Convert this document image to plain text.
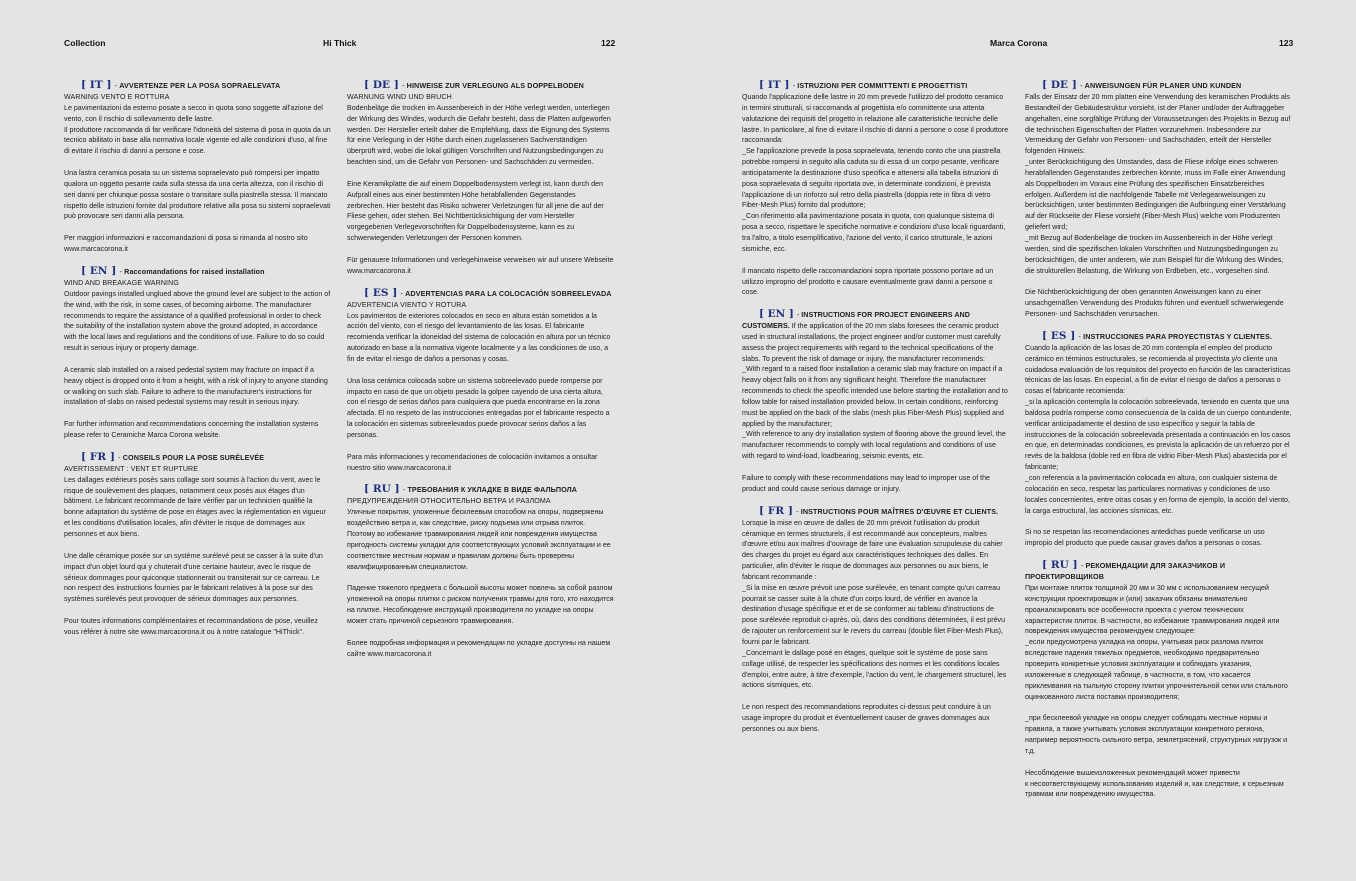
Collection	Hi Thick	122	Marca Corona	123
[ IT ] - AVVERTENZE PER LA POSA SOPRAELEVATA
WARNING VENTO E ROTTURA

Le pavimentazioni da esterno posate a secco in quota sono soggette all'azione del vento, con il rischio di sollevamento delle lastre.
Il produttore raccomanda di far verificare l'idoneità del sistema di posa in quota da un tecnico abilitato in base alla normativa locale vigente ed alle condizioni d'uso, al fine di evitare il rischio di danni a persone e cose.

Una lastra ceramica posata su un sistema sopraelevato può rompersi per impatto qualora un oggetto pesante cada sulla stessa da una certa altezza, con il rischio di seri danni per chiunque possa sostare o transitare sulla piastrella stessa. Il mancato rispetto delle istruzioni fornite dal produttore relative alla posa su sistemi sopraelevati può provocare seri danni alla persona.

Per maggiori informazioni e raccomandazioni di posa si rimanda al nostro sito www.marcacorona.it

[ EN ] - Raccomandations for raised installation
WIND AND BREAKAGE WARNING

Outdoor pavings installed unglued above the ground level are subject to the action of the wind, with the risk, in some cases, of becoming airborne. The manufacturer recommends to require the assistance of a qualified professional in order to check the suitability of the installation system above the ground adopted, in accordance with the local laws and regulations and the conditions of use. Failure to do so could result in serious injury or property damage.

A ceramic slab installed on a raised pedestal system may fracture on impact if a heavy object is dropped onto it from a height, with a risk of injury to anyone standing or walking on such slab. Failure to adhere to the manufacturer's instructions for installation of slabs on raised pedestal systems may result in serious injury.

For further information and recommendations concerning the installation systems please refer to Ceramiche Marca Corona website.

[ FR ] - CONSEILS POUR LA POSE SURÉLEVÉE
AVERTISSEMENT : VENT ET RUPTURE

Les dallages extérieurs posés sans collage sont soumis à l'action du vent, avec le risque de soulèvement des plaques, notamment ceux posés aux étages d'un bâtiment. Le fabricant recommande de faire vérifier par un technicien qualifié la bonne adaptation du système de pose en étages avec la réglementation en vigueur et les conditions d'utilisation locales, afin d'éviter le risque de dommages aux personnes et aux biens.

Une dalle céramique posée sur un système surélevé peut se casser à la suite d'un impact d'un objet lourd qui y chuterait d'une certaine hauteur, avec le risque de sérieux dommages pour quiconque stationnerait ou transiterait sur ce carreau. Le non respect des instructions fournies par le fabricant relatives à la pose sur des systèmes surélevés peut provoquer de sérieux dommages aux personnes.

Pour toutes informations complémentaires et recommandations de pose, veuillez vous référer à notre site www.marcacorona.it ou à notre catalogue "HiThick".

[ DE ] - HINWEISE ZUR VERLEGUNG ALS DOPPELBODEN
WARNUNG WIND UND BRUCH

Bodenbeläge die trocken im Aussenbereich in der Höhe verlegt werden, unterliegen der Wirkung des Windes, wodurch die Gefahr besteht, dass die Platten aufgeworfen werden. Der Hersteller erteilt daher die Empfehlung, dass die Eignung des Systems für eine Verlegung in der Höhe durch einen zugelassenen Sachverständigen überprüft wird, wobei die lokal gültigen Vorschriften und Nutzungsbedingungen zu beachten sind, um die Gefahr von Personen- und Sachschäden zu vermeiden.

Eine Keramikplatte die auf einem Doppelbodensystem verlegt ist, kann durch den Aufprall eines aus einer bestimmten Höhe herabfallenden Gegenstandes
zerbrechen. Hier besteht das Risiko schwerer Verletzungen für all jene die auf der Fliese gehen, oder stehen. Bei Nichtberücksichtigung der vom Hersteller vorgegebenen Verlegevorschriften für Doppelbodensysteme, kann es zu schwerwiegenden Verletzungen der Personen kommen.

Für genauere Informationen und verlegehinweise verweisen wir auf unsere Webseite www.marcacorona.it

[ ES ] - ADVERTENCIAS PARA LA COLOCACIÓN SOBREELEVADA
ADVERTENCIA VIENTO Y ROTURA

Los pavimentos de exteriores colocados en seco en altura están sometidos a la acción del viento, con el riesgo del levantamiento de las losas. El fabricante recomienda verificar la idoneidad del sistema de colocación en altura por un técnico autorizado en base a la normativa vigente localmente y a las condiciones de uso, a fin de evitar el riesgo de daños a personas y cosas.

Una losa cerámica colocada sobre un sistema sobreelevado puede romperse por impacto en caso de que un objeto pesado la golpee cayendo de una cierta altura, con el riesgo de serios daños para cualquiera que pueda encontrarse en la zona afectada. El no respeto de las instrucciones entregadas por el fabricante respecto a la colocación en sistemas sobreelevados puede provocar serios daños a las personas.

Para más informaciones y recomendaciones de colocación invitamos a onsultar nuestro sitio www.marcacorona.it

[ RU ] - ТРЕБОВАНИЯ К УКЛАДКЕ В ВИДЕ ФАЛЬПОЛА
ПРЕДУПРЕЖДЕНИЯ ОТНОСИТЕЛЬНО ВЕТРА И РАЗЛОМА

Уличные покрытия, уложенные бесклеевым способом на опоры, подвержены воздействию ветра и, как следствие, риску подъема или отрыва плиток. Поэтому во избежание травмирования людей или повреждения имущества пригодность системы укладки для соответствующих условий эксплуатации и ее соответствие местным нормам и правилам должны быть проверены квалифицированным специалистом.

Падение тяжелого предмета с большой высоты может повлечь за собой разлом уложенной на опоры плитки с риском получения травмы для того, кто находится на плитке. Несоблюдение инструкций производителя по укладке на опоры может стать причиной серьезного травмирования.

Более подробная информация и рекомендации по укладке доступны на нашем сайте www.marcacorona.it

[ IT ] - ISTRUZIONI PER COMMITTENTI E PROGETTISTI

Quando l'applicazione delle lastre in 20 mm prevede l'utilizzo del prodotto ceramico in termini strutturali, si raccomanda al progettista e/o committente una attenta valutazione dei requisiti del progetto in relazione alle caratteristiche tecniche delle lastre. In particolare, al fine di evitare il rischio di danni a persone o cose il produttore raccomanda:
_Se l'applicazione prevede la posa sopraelevata, tenendo conto che una piastrella potrebbe rompersi in seguito alla caduta su di essa di un corpo pesante, verificare anticipatamente la destinazione d'uso specifica e attenersi alla tabella istruzioni di posa sopraelevata di seguito riportata ove, in determinate condizioni, è prevista l'applicazione di un rinforzo sul retro della piastrella (doppia rete in fibra di vetro Fiber-Mesh Plus) fornito dal produttore;
_Con riferimento alla pavimentazione posata in quota, con qualunque sistema di posa a secco, rispettare le specifiche normative e condizioni d'uso locali riguardanti, tra l'altro, a titolo esemplificativo, l'azione del vento, il carico strutturale, le azioni sismiche, ecc.

Il mancato rispetto delle raccomandazioni sopra riportate possono portare ad un utilizzo improprio del prodotto e causare eventualmente gravi danni a persone o cose.

[ EN ] - INSTRUCTIONS FOR PROJECT ENGINEERS AND CUSTOMERS. If the application of the 20 mm slabs foresees the ceramic product used in structural installations, the project engineer and/or customer must carefully assess the project requirements with regard to the technical specifications of the slabs. To prevent the risk of damage or injury, the manufacturer recommends:
_With regard to a raised floor installation a ceramic slab may fracture on impact if a heavy object falls on it from any significant height. Therefore the manufacturer recommends to check the specific intended use before starting the installation and to follow table for raised installation provided below. In certain conditions, reinforcing must be applied on the back of the slabs (mesh plus Fiber-Mesh Plus) supplied and applied by the manufacturer;
_With reference to any dry installation system of flooring above the ground level, the manufacturer recommends to comply with local regulations and conditions of use with regard to wind-load, loadbearing, seismic events, etc.

Failure to comply with these recommendations may lead to improper use of the product and could cause serious damage or injury.

[ FR ] - INSTRUCTIONS POUR MAÎTRES D'ŒUVRE ET CLIENTS.

Lorsque la mise en œuvre de dalles de 20 mm prévoit l'utilisation du produit céramique en termes structurels, il est recommandé aux concepteurs, maîtres d'œuvre et/ou aux maîtres d'ouvrage de faire une évaluation scrupuleuse du cahier des charges du projet eu égard aux caractéristiques techniques des dalles. En particulier, afin d'éviter le risque de dommages aux personnes ou aux biens, le fabricant recommande :
_Si la mise en œuvre prévoit une pose surélevée, en tenant compte qu'un carreau pourrait se casser suite à la chute d'un corps lourd, de vérifier en avance la destination d'usage spécifique et et de se conformer au tableau d'instructions de pose surélevée reproduit ci-après, où, dans des conditions déterminées, il est prévu de rajouter un renforcement sur le revers du carreau (double filet Fiber-Mesh Plus), fourni par le fabricant.
_Concernant le dallage posé en étages, quelque soit le système de pose sans collage utilisé, de respecter les spécifications des normes et les conditions locales d'emploi, entre autre, à titre d'exemple, l'action du vent, le chargement structurel, les actions sismiques, etc.

Le non respect des recommandations reproduites ci-dessus peut conduire à un usage impropre du produit et éventuellement causer de graves dommages aux personnes ou aux biens.

[ DE ] - ANWEISUNGEN FÜR PLANER UND KUNDEN

Falls der Einsatz der 20 mm platten eine Verwendung des keramischen Produkts als Bestandteil der Gebäudestruktur vorsieht, ist der Planer und/oder der Auftraggeber angehalten, eine sorgfältige Prüfung der Voraussetzungen des Projekts in Bezug auf die technischen Eigenschaften der Platten vorzunehmen. Insbesondere zur Vermeidung der Gefahr von Personen- und Sachschäden, erteilt der Hersteller folgenden Hinweis:
_unter Berücksichtigung des Umstandes, dass die Fliese infolge eines schweren herabfallenden Gegenstandes zerbrechen könnte, muss im Falle einer Anwendung als Doppelboden im Voraus eine Prüfung des spezifischen Einsatzbereiches erfolgen. Außerdem ist die nachfolgende Tabelle mit Verlegeanweisungen zu berücksichtigen, unter bestimmten Bedingungen die Aufbringung einer Verstärkung auf der Rückseite der Fliese vorsieht (Fiber-Mesh Plus) welche vom Produzenten geliefert wird;
_mit Bezug auf Bodenbeläge die trocken im Aussenbereich in der Höhe verlegt werden, sind die spezifischen lokalen Vorschriften und Nutzungsbedingungen zu berücksichtigen, die unter anderem, wie zum Beispiel für die Wirkung des Windes, die strukturellen Belastung, die Wirkung von Erdbeben, etc., vorgesehen sind.

Die Nichtberücksichtigung der oben genannten Anweisungen kann zu einer unsachgemäßen Verwendung des Produkts führen und eventuell schwerwiegende Personen- und Sachschäden verursachen.

[ ES ] - INSTRUCCIONES PARA PROYECTISTAS Y CLIENTES.

Cuando la aplicación de las losas de 20 mm contempla el empleo del producto cerámico en términos estructurales, se recomienda al proyectista y/o cliente una cuidadosa evaluación de los requisitos del proyecto en función de las características técnicas de las losas. En especial, a fin de evitar el riesgo de daños a personas o cosas el fabricante recomienda:
_si la aplicación contempla la colocación sobreelevada, teniendo en cuenta que una baldosa podría romperse como consecuencia de la caída de un cuerpo contundente, verificar anticipadamente el destino de uso específico y seguir la tabla de instrucciones de la colocación sobreelevada presentada a continuación en los casos en que, en determinadas condiciones, es prevista la aplicación de un refuerzo por el revés de la baldosa (doble red en fibra de vidrio Fiber-Mesh Plus) abastecida por el fabricante;
_con referencia a la pavimentación colocada en altura, con cualquier sistema de colocación en seco, respetar las particulares normativas y condiciones de uso locales concernientes, entre otras cosas y en forma de ejemplo, la acción del viento, la carga estructural, las acciones sísmicas, etc.

Si no se respetan las recomendaciones antedichas puede verificarse un uso impropio del producto que puede causar graves daños a personas o cosas.

[ RU ] - РЕКОМЕНДАЦИИ ДЛЯ ЗАКАЗЧИКОВ И ПРОЕКТИРОВЩИКОВ

При монтаже плиток толщиной 20 мм и 30 мм с использованием несущей конструкции проектировщик и (или) заказчик обязаны внимательно проанализировать все особенности проекта с учетом технических характеристик плиток. В частности, во избежание травмирования людей или повреждения имущества рекомендуем следующее:
_если предусмотрена укладка на опоры, учитывая риск разлома плиток вследствие падения тяжелых предметов, необходимо предварительно проверить конкретные условия эксплуатации и соблюдать указания, изложенные в следующей таблице, в частности, в том, что касается приклеивания на тыльную сторону плитки упрочнительной сетки или стального оцинкованного листа поставки производителя;

_при бесклеевой укладке на опоры следует соблюдать местные нормы и правила, а также учитывать условия эксплуатации конкретного региона, например вероятность сильного ветра, землетрясений, структурных нагрузок и т.д.

Несоблюдение вышеизложенных рекомендаций может привести
к несоответствующему использованию изделий и, как следствие, к серьезным травмам или повреждению имущества.
